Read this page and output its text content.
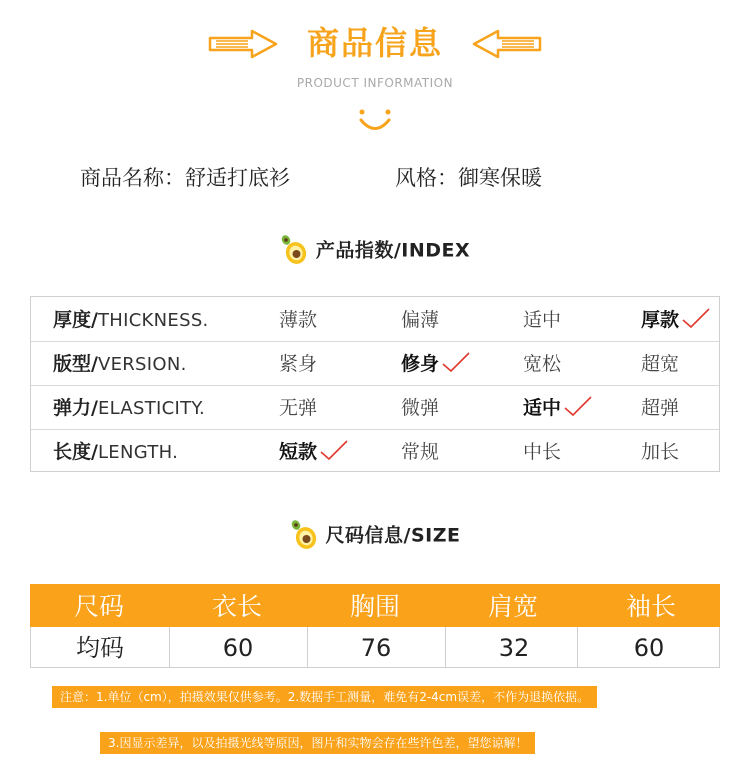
商品信息
PRODUCT INFORMATION
商品名称：舒适打底衫	风格：御寒保暖
产品指数/INDEX
厚度/THICKNESS.	薄款	偏薄	适中	厚款
版型/VERSION.	紧身	修身	宽松	超宽
弹力/ELASTICITY.	无弹	微弹	适中	超弹
长度/LENGTH.	短款	常规	中长	加长
尺码信息/SIZE
尺码	衣长	胸围	肩宽	袖长
均码	60	76	32	60
注意：1.单位（cm），拍摄效果仅供参考。2.数据手工测量，难免有2-4cm误差，不作为退换依据。
3.因显示差异，以及拍摄光线等原因，图片和实物会存在些许色差，望您谅解！
